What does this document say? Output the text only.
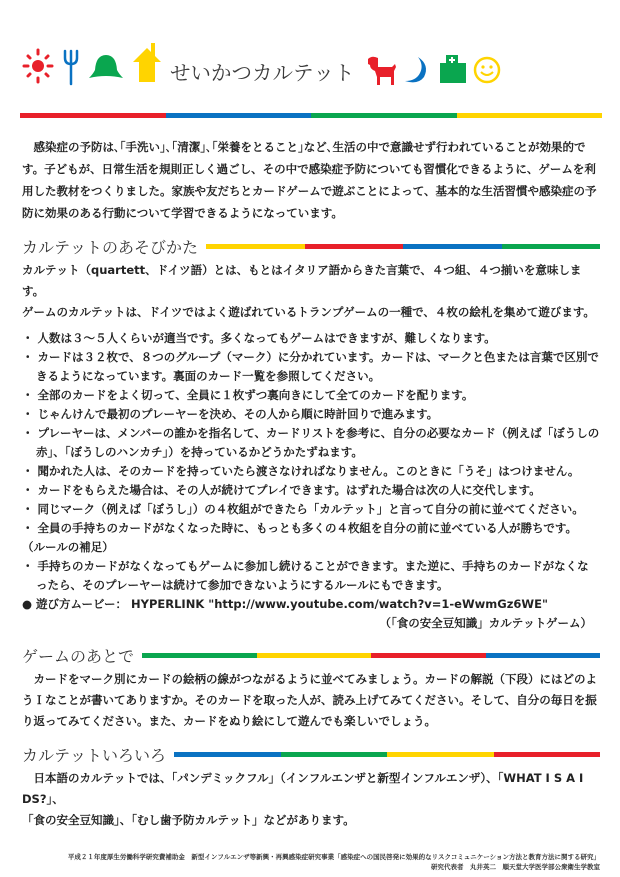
せいかつカルテット
　感染症の予防は､｢手洗い｣､｢清潔｣､｢栄養をとること｣など､生活の中で意識せず行われていることが効果的です。子どもが、日常生活を規則正しく過ごし、その中で感染症予防についても習慣化できるように、ゲームを利用した教材をつくりました。家族や友だちとカードゲームで遊ぶことによって、基本的な生活習慣や感染症の予防に効果のある行動について学習できるようになっています。
カルテットのあそびかた
カルテット（quartett、ドイツ語）とは、もとはイタリア語からきた言葉で、４つ組、４つ揃いを意味します。
ゲームのカルテットは、ドイツではよく遊ばれているトランプゲームの一種で、４枚の絵札を集めて遊びます。
・ 人数は３～５人くらいが適当です。多くなってもゲームはできますが、難しくなります。
・ カードは３２枚で、８つのグループ（マーク）に分かれています。カードは、マークと色または言葉で区別できるようになっています。裏面のカード一覧を参照してください。
・ 全部のカードをよく切って、全員に１枚ずつ裏向きにして全てのカードを配ります。
・ じゃんけんで最初のプレーヤーを決め、その人から順に時計回りで進みます。
・ プレーヤーは、メンバーの誰かを指名して、カードリストを参考に、自分の必要なカード（例えば「ぼうしの赤」、「ぼうしのハンカチ」）を持っているかどうかたずねます。
・ 聞かれた人は、そのカードを持っていたら渡さなければなりません。このときに「うそ」はつけません。
・ カードをもらえた場合は、その人が続けてプレイできます。はずれた場合は次の人に交代します。
・ 同じマーク（例えば「ぼうし」）の４枚組ができたら「カルテット」と言って自分の前に並べてください。
・ 全員の手持ちのカードがなくなった時に、もっとも多くの４枚組を自分の前に並べている人が勝ちです。
（ルールの補足）
・ 手持ちのカードがなくなってもゲームに参加し続けることができます。また逆に、手持ちのカードがなくなったら、そのプレーヤーは続けて参加できないようにするルールにもできます。
● 遊び方ムービー： HYPERLINK "http://www.youtube.com/watch?v=1-eWwmGz6WE"
（「食の安全豆知識」カルテットゲーム）
ゲームのあとで
　カードをマーク別にカードの絵柄の線がつながるように並べてみましょう。カードの解説（下段）にはどのようＩなことが書いてありますか。そのカードを取った人が、読み上げてみてください。そして、自分の毎日を振り返ってみてください。また、カードをぬり絵にして遊んでも楽しいでしょう。
カルテットいろいろ
　日本語のカルテットでは、「パンデミックフル」（インフルエンザと新型インフルエンザ）、「WHAT I S A I DS?」、
「食の安全豆知識」、「むし歯予防カルテット」などがあります。
平成２１年度厚生労働科学研究費補助金　新型インフルエンザ等新興・再興感染症研究事業「感染症への国民啓発に効果的なリスクコミュニケーション方法と教育方法に関する研究」
研究代表者　丸井英二　順天堂大学医学部公衆衛生学教室
